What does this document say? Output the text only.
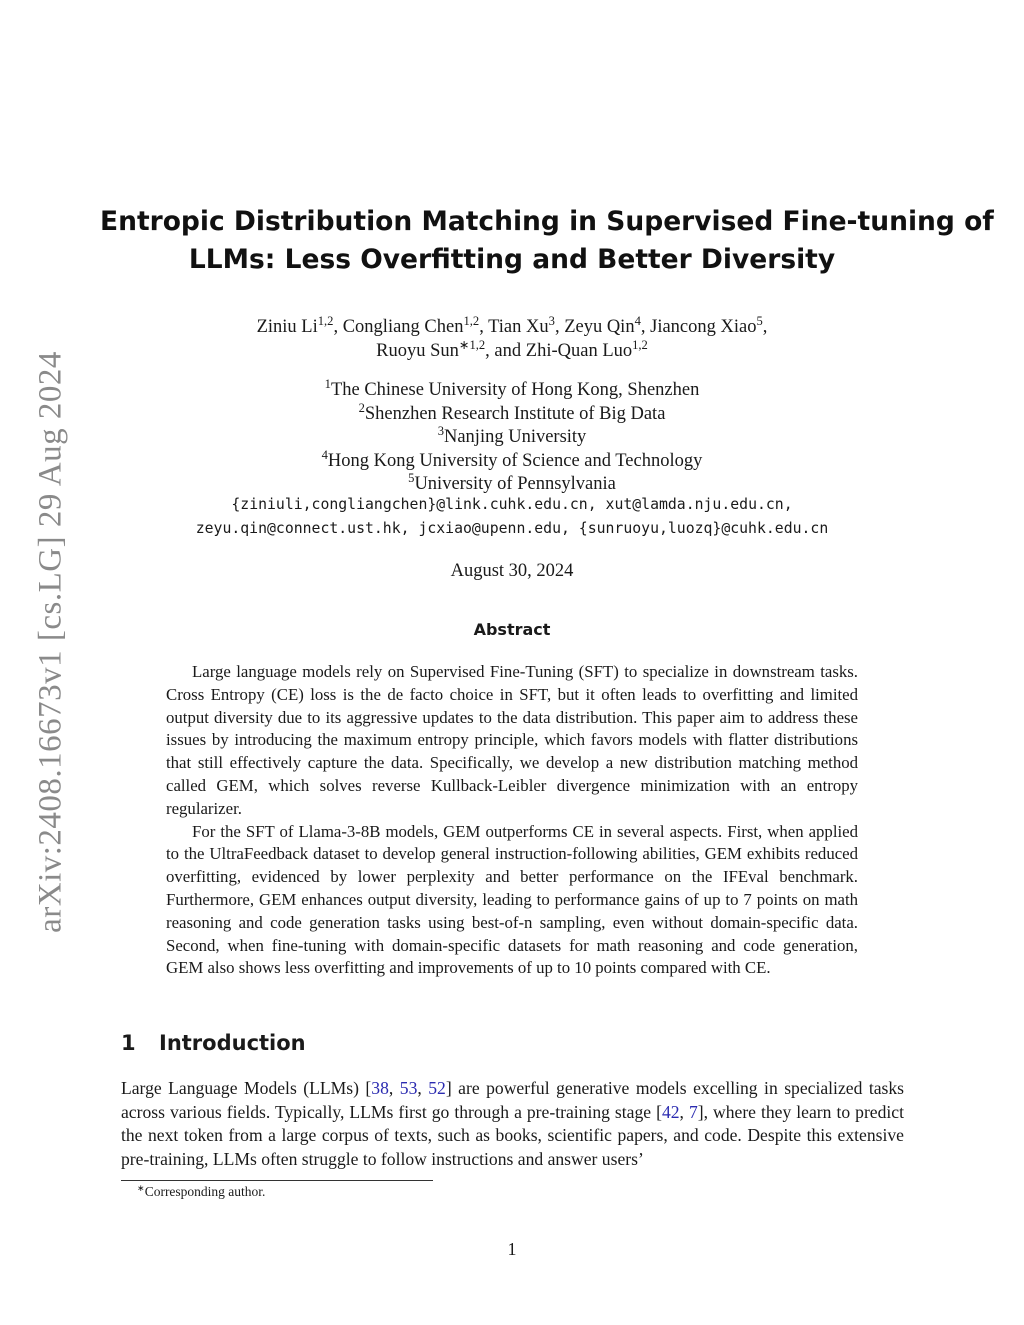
arXiv:2408.16673v1 [cs.LG] 29 Aug 2024
Entropic Distribution Matching in Supervised Fine-tuning of
LLMs: Less Overfitting and Better Diversity
Ziniu Li$^{1,2}$, Congliang Chen$^{1,2}$, Tian Xu$^3$, Zeyu Qin$^4$, Jiancong Xiao$^5$,
Ruoyu Sun$^{∗1,2}$, and Zhi-Quan Luo$^{1,2}$
$^1$The Chinese University of Hong Kong, Shenzhen
$^2$Shenzhen Research Institute of Big Data
$^3$Nanjing University
$^4$Hong Kong University of Science and Technology
$^5$University of Pennsylvania
{ziniuli,congliangchen}@link.cuhk.edu.cn, xut@lamda.nju.edu.cn,
zeyu.qin@connect.ust.hk, jcxiao@upenn.edu, {sunruoyu,luozq}@cuhk.edu.cn
August 30, 2024
Abstract

Large language models rely on Supervised Fine-Tuning (SFT) to specialize in downstream tasks. Cross Entropy (CE) loss is the de facto choice in SFT, but it often leads to overfitting and limited output diversity due to its aggressive updates to the data distribution. This paper aim to address these issues by introducing the maximum entropy principle, which favors models with flatter distributions that still effectively capture the data. Specifically, we develop a new distribution matching method called GEM, which solves reverse Kullback-Leibler divergence minimization with an entropy regularizer.

For the SFT of Llama-3-8B models, GEM outperforms CE in several aspects. First, when applied to the UltraFeedback dataset to develop general instruction-following abilities, GEM exhibits reduced overfitting, evidenced by lower perplexity and better performance on the IFEval benchmark. Furthermore, GEM enhances output diversity, leading to performance gains of up to 7 points on math reasoning and code generation tasks using best-of-n sampling, even without domain-specific data. Second, when fine-tuning with domain-specific datasets for math reasoning and code generation, GEM also shows less overfitting and improvements of up to 10 points compared with CE.

1 Introduction

Large Language Models (LLMs) [38, 53, 52] are powerful generative models excelling in specialized tasks across various fields. Typically, LLMs first go through a pre-training stage [42, 7], where they learn to predict the next token from a large corpus of texts, such as books, scientific papers, and code. Despite this extensive pre-training, LLMs often struggle to follow instructions and answer users’

∗Corresponding author.
1
